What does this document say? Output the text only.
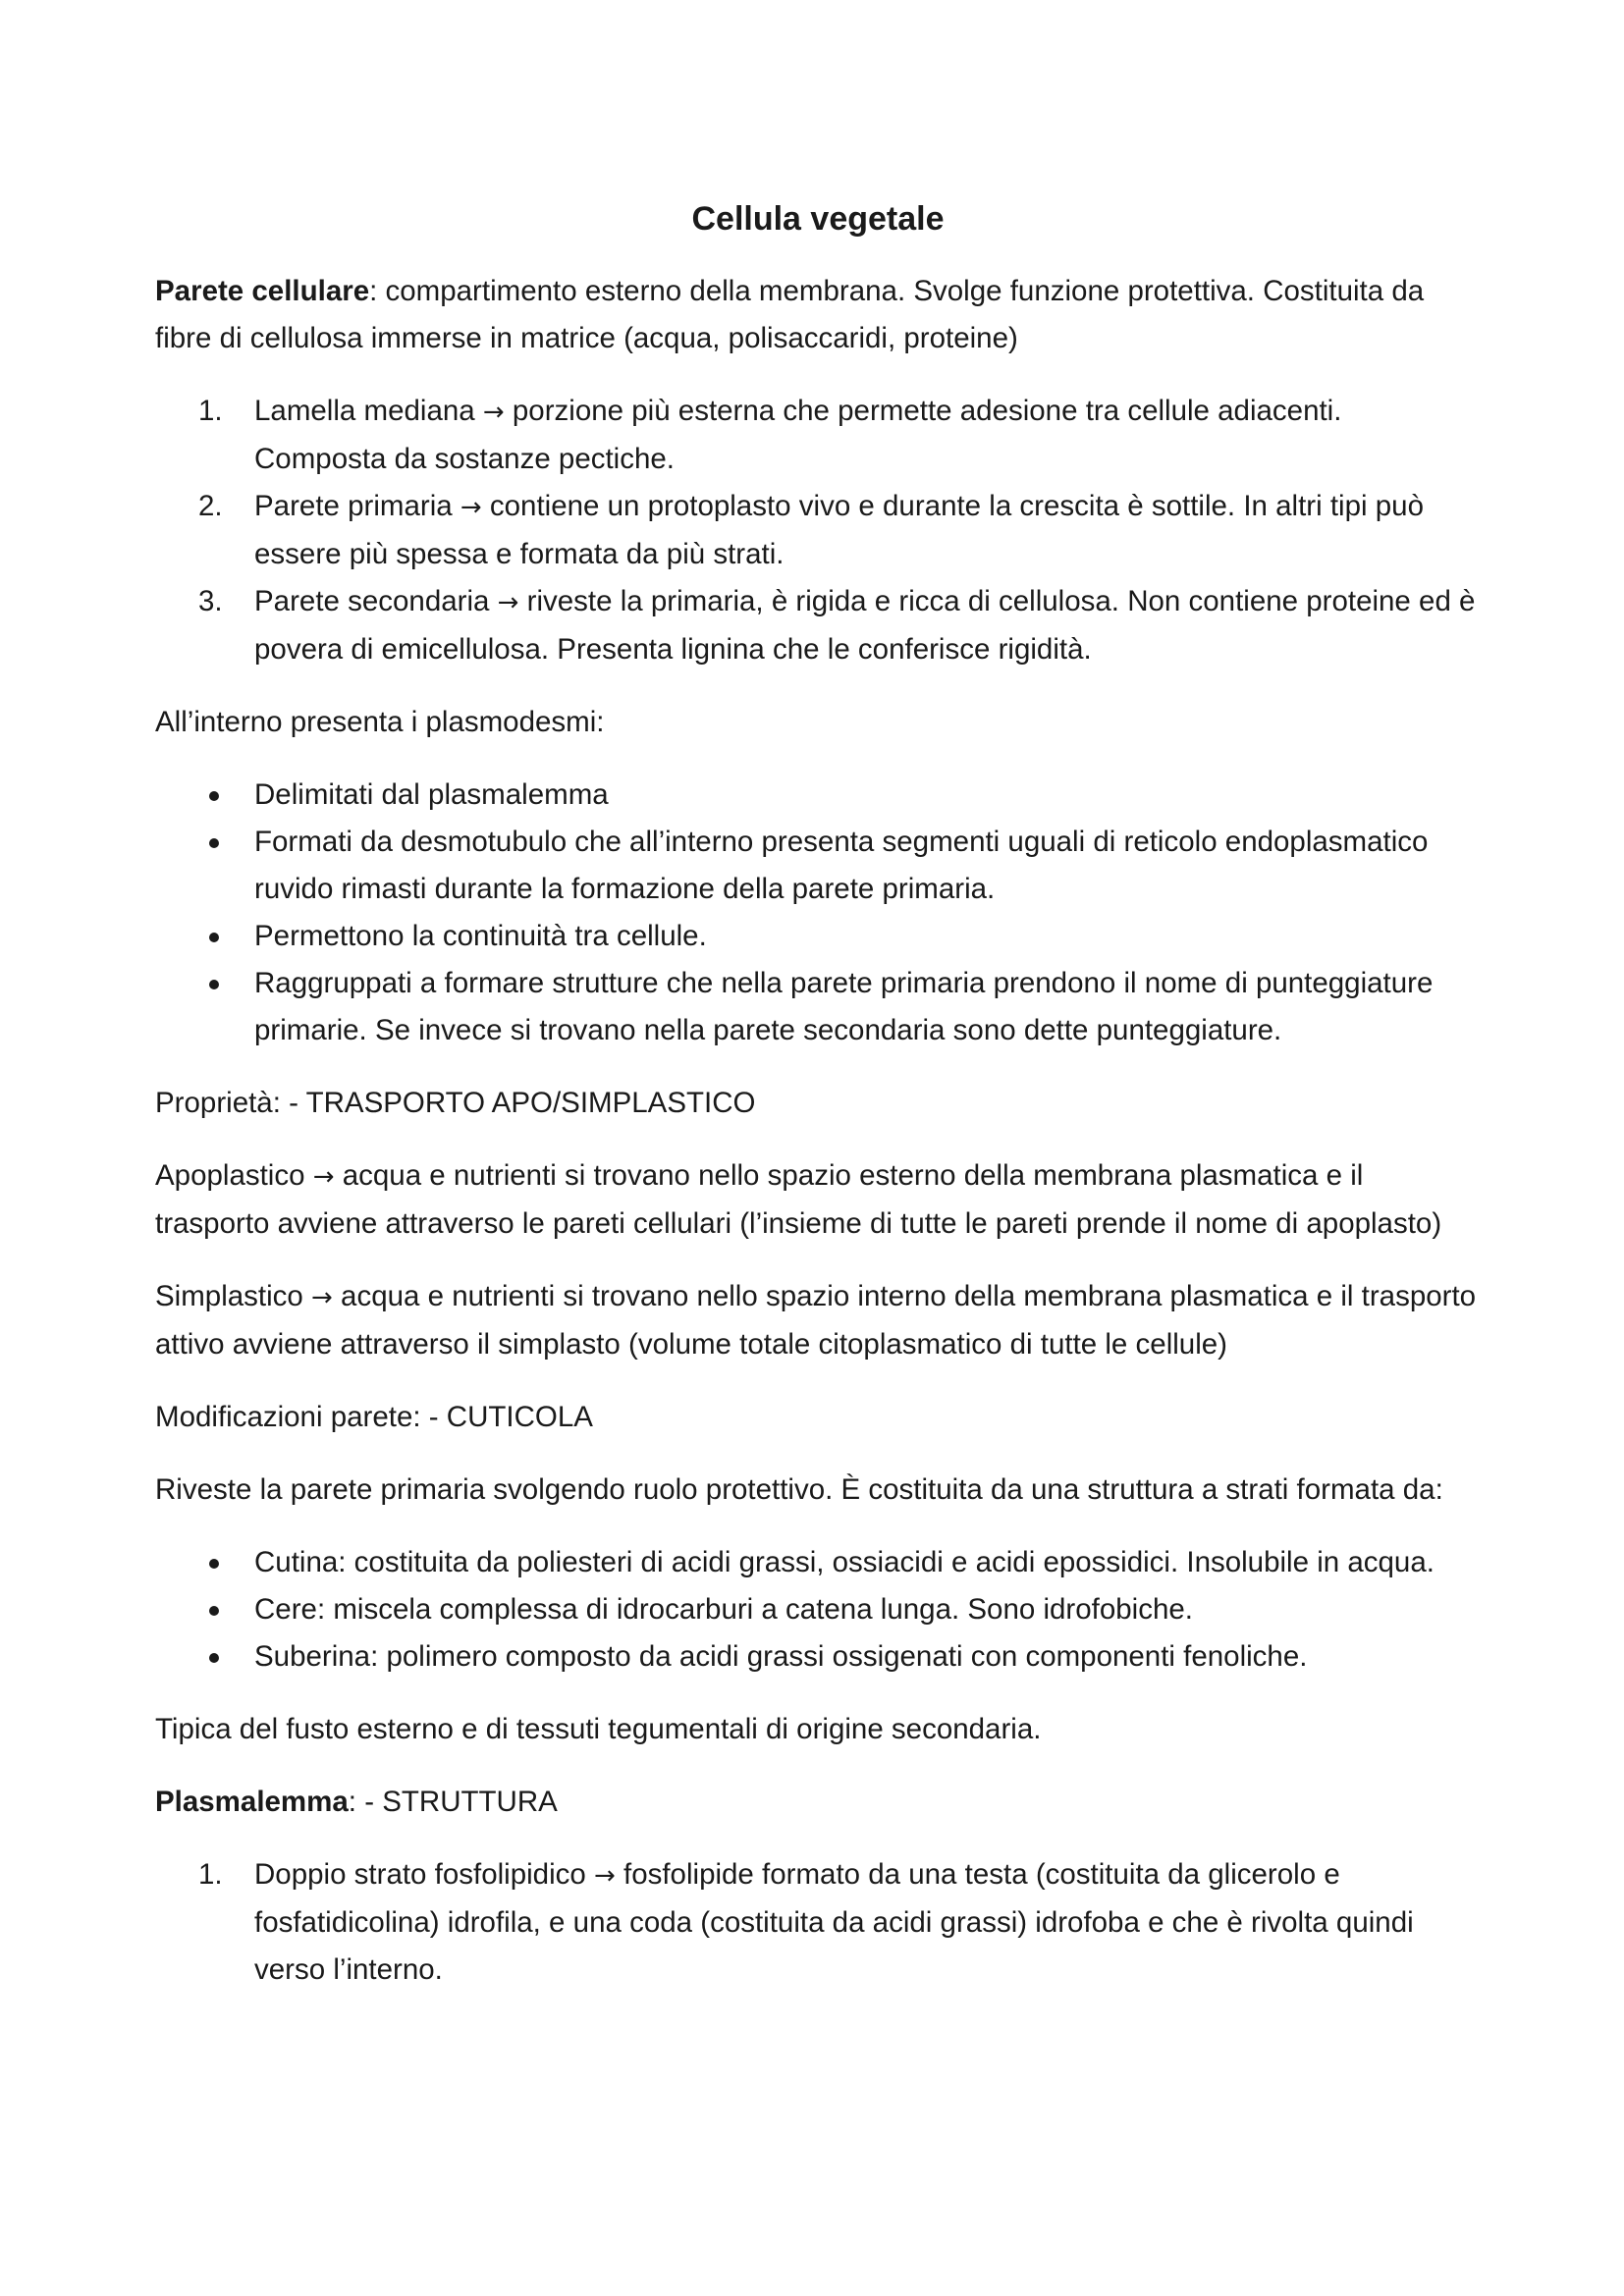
Cellula vegetale

Parete cellulare: compartimento esterno della membrana. Svolge funzione protettiva. Costituita da fibre di cellulosa immerse in matrice (acqua, polisaccaridi, proteine)

1.	Lamella mediana → porzione più esterna che permette adesione tra cellule adiacenti. Composta da sostanze pectiche.
2.	Parete primaria → contiene un protoplasto vivo e durante la crescita è sottile. In altri tipi può essere più spessa e formata da più strati.
3.	Parete secondaria → riveste la primaria, è rigida e ricca di cellulosa. Non contiene proteine ed è povera di emicellulosa. Presenta lignina che le conferisce rigidità.

All’interno presenta i plasmodesmi:

Delimitati dal plasmalemma
Formati da desmotubulo che all’interno presenta segmenti uguali di reticolo endoplasmatico ruvido rimasti durante la formazione della parete primaria.
Permettono la continuità tra cellule.
Raggruppati a formare strutture che nella parete primaria prendono il nome di punteggiature primarie. Se invece si trovano nella parete secondaria sono dette punteggiature.

Proprietà: - TRASPORTO APO/SIMPLASTICO

Apoplastico → acqua e nutrienti si trovano nello spazio esterno della membrana plasmatica e il trasporto avviene attraverso le pareti cellulari (l’insieme di tutte le pareti prende il nome di apoplasto)

Simplastico → acqua e nutrienti si trovano nello spazio interno della membrana plasmatica e il trasporto attivo avviene attraverso il simplasto (volume totale citoplasmatico di tutte le cellule)

Modificazioni parete: - CUTICOLA

Riveste la parete primaria svolgendo ruolo protettivo. È costituita da una struttura a strati formata da:

Cutina: costituita da poliesteri di acidi grassi, ossiacidi e acidi epossidici. Insolubile in acqua.
Cere: miscela complessa di idrocarburi a catena lunga. Sono idrofobiche.
Suberina: polimero composto da acidi grassi ossigenati con componenti fenoliche.

Tipica del fusto esterno e di tessuti tegumentali di origine secondaria.

Plasmalemma: - STRUTTURA

1.	Doppio strato fosfolipidico → fosfolipide formato da una testa (costituita da glicerolo e fosfatidicolina) idrofila, e una coda (costituita da acidi grassi) idrofoba e che è rivolta quindi verso l’interno.
